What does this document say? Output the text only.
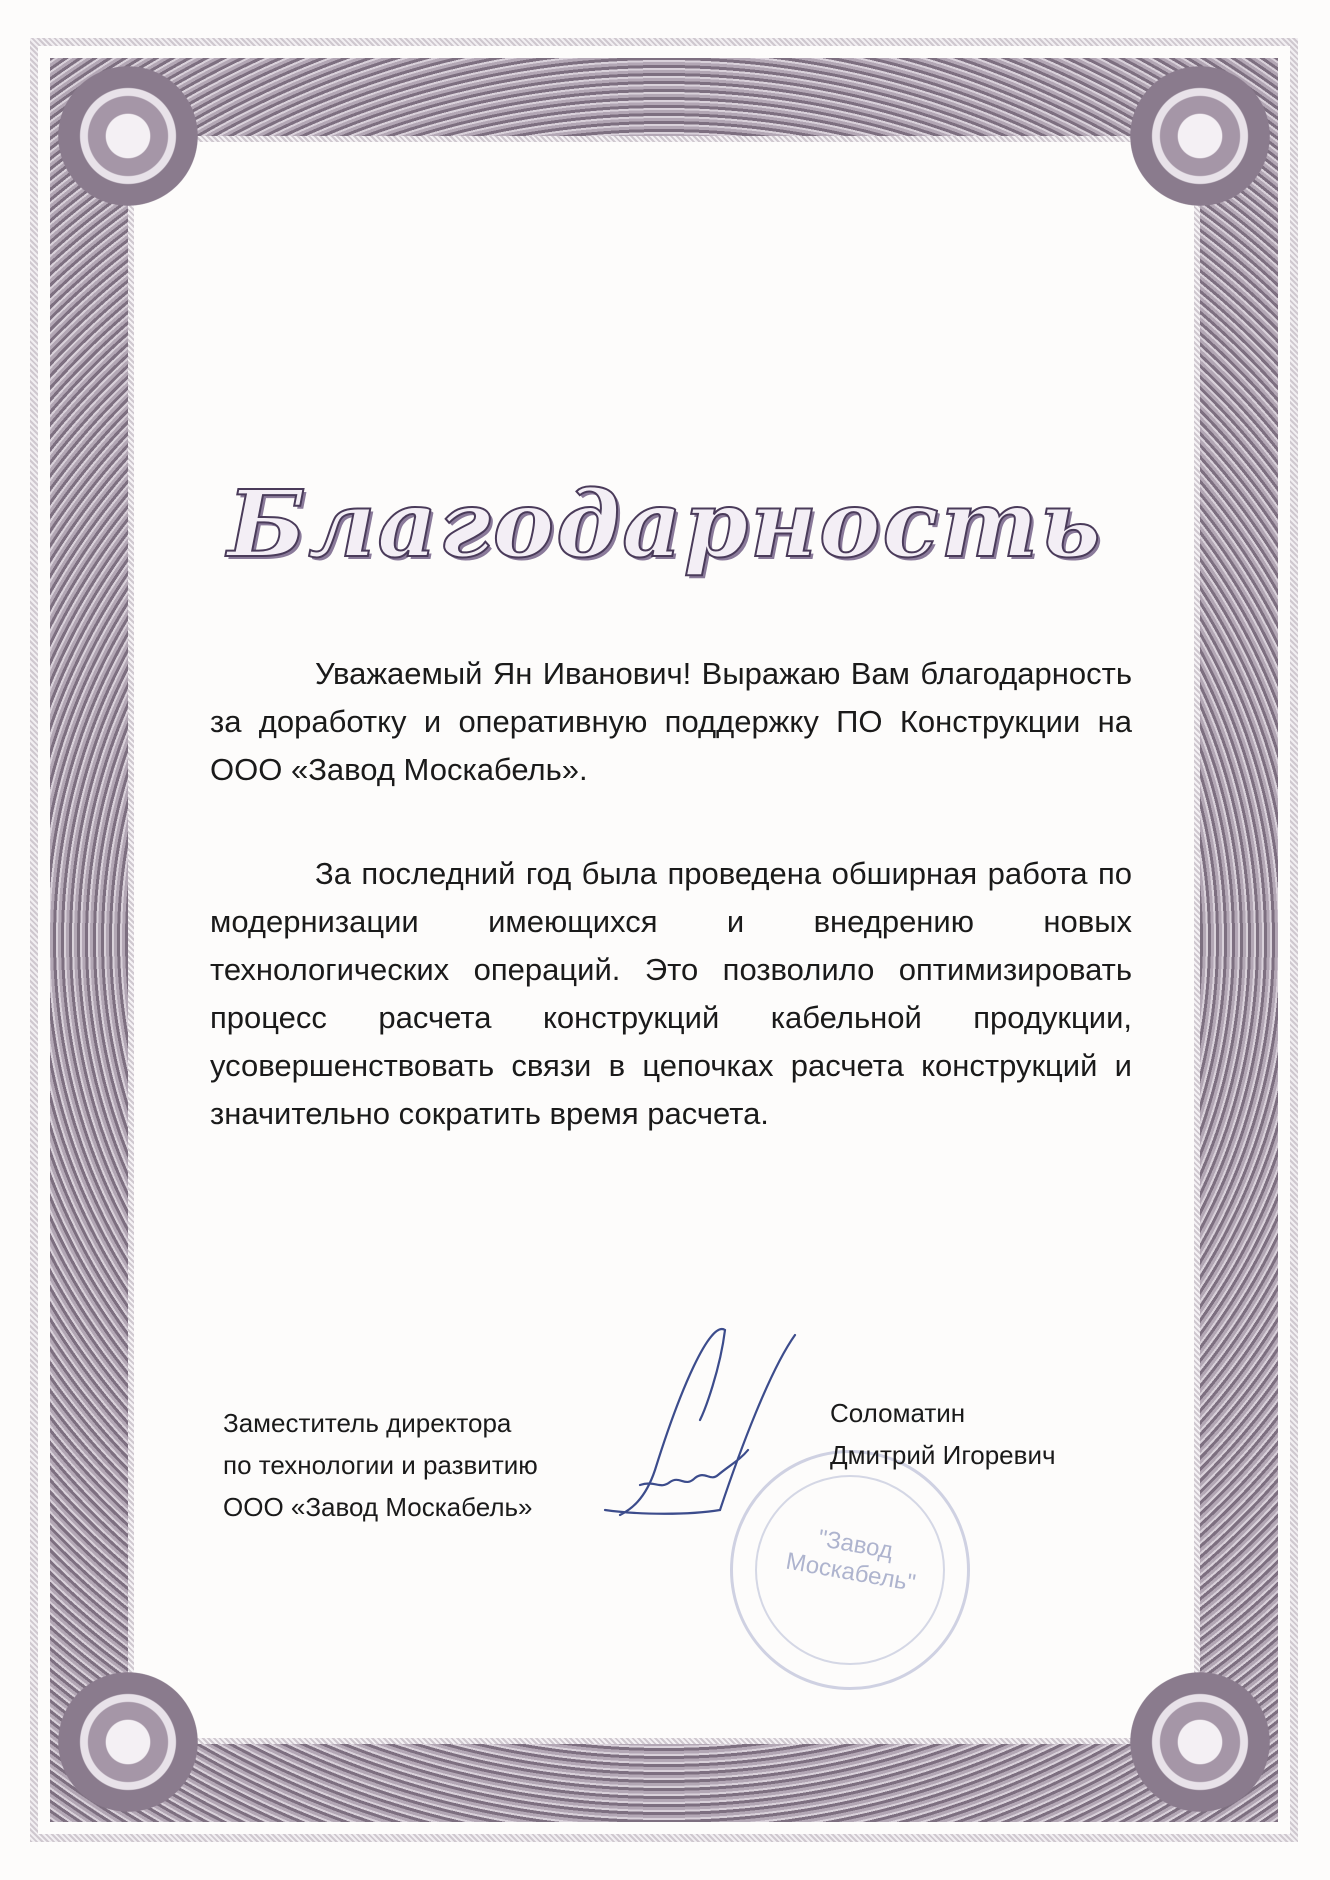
Благодарность
Уважаемый Ян Иванович! Выражаю Вам благодарность за доработку и оперативную поддержку ПО Конструкции на ООО «Завод Москабель».
За последний год была проведена обширная работа по модернизации имеющихся и внедрению новых технологических операций. Это позволило оптимизировать процесс расчета конструкций кабельной продукции, усовершенствовать связи в цепочках расчета конструкций и значительно сократить время расчета.
"Завод Москабель"
Заместитель директора
по технологии и развитию
ООО «Завод Москабель»
Соломатин
Дмитрий Игоревич
